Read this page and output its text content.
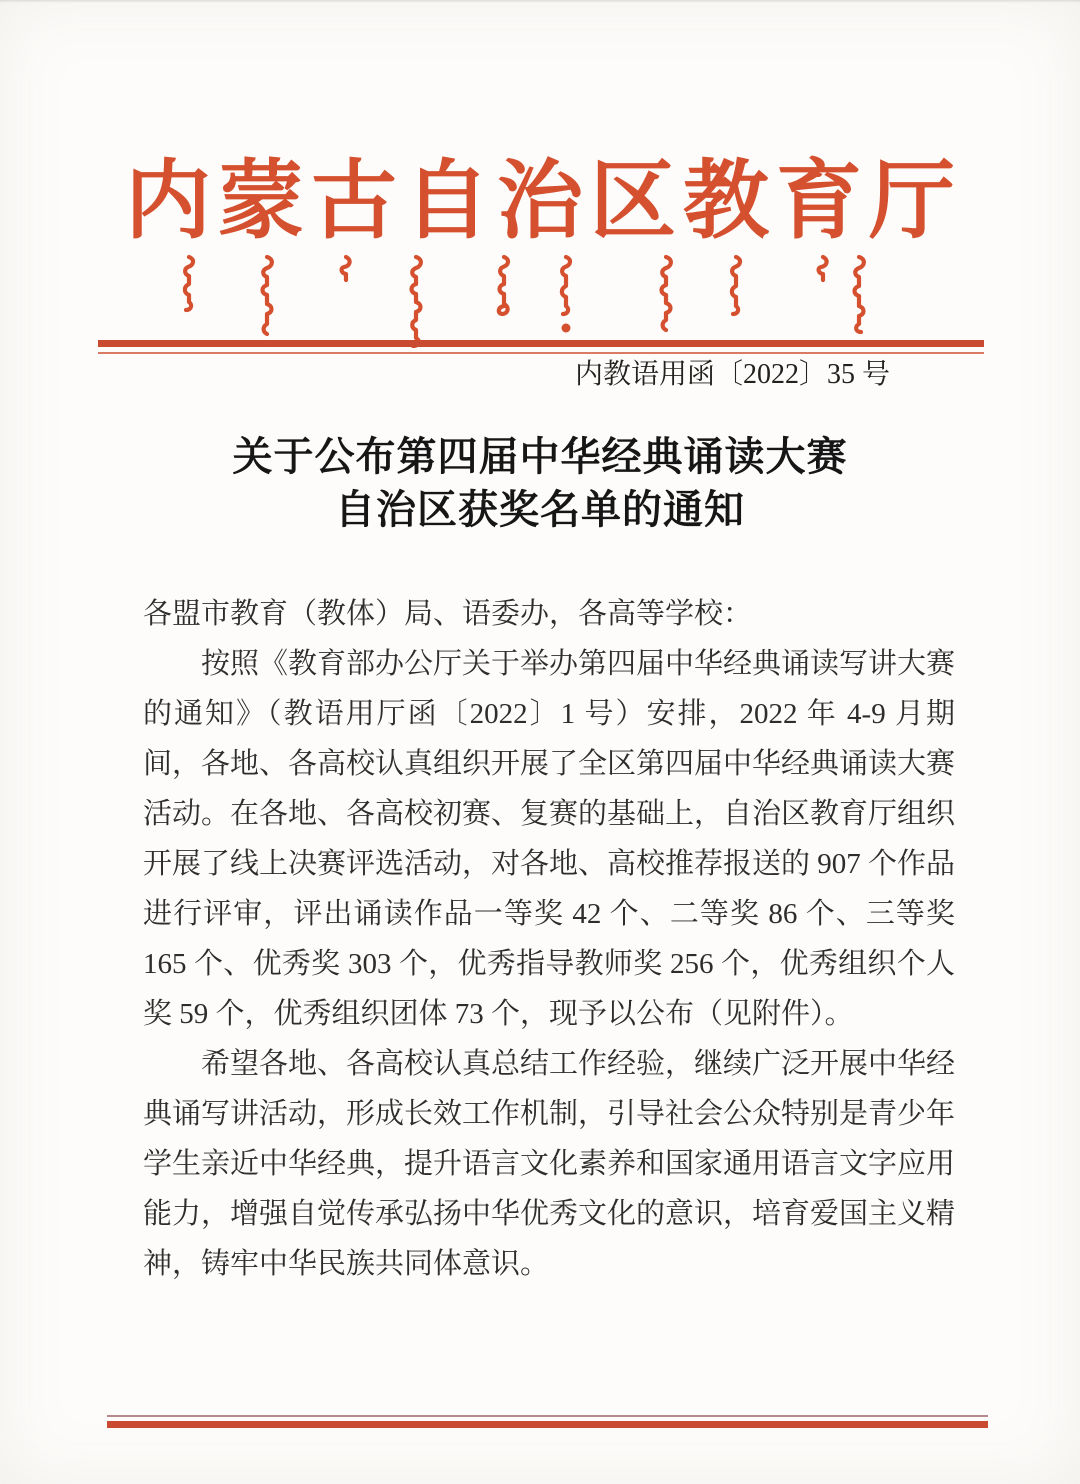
内蒙古自治区教育厅
内教语用函〔2022〕35 号
关于公布第四届中华经典诵读大赛
自治区获奖名单的通知

各盟市教育（教体）局、语委办，各高等学校：

按照《教育部办公厅关于举办第四届中华经典诵读写讲大赛的通知》（教语用厅函〔2022〕1 号）安排，2022 年 4-9 月期间，各地、各高校认真组织开展了全区第四届中华经典诵读大赛活动。在各地、各高校初赛、复赛的基础上，自治区教育厅组织开展了线上决赛评选活动，对各地、高校推荐报送的 907 个作品进行评审，评出诵读作品一等奖 42 个、二等奖 86 个、三等奖 165 个、优秀奖 303 个，优秀指导教师奖 256 个，优秀组织个人奖 59 个，优秀组织团体 73 个，现予以公布（见附件）。

希望各地、各高校认真总结工作经验，继续广泛开展中华经典诵写讲活动，形成长效工作机制，引导社会公众特别是青少年学生亲近中华经典，提升语言文化素养和国家通用语言文字应用能力，增强自觉传承弘扬中华优秀文化的意识，培育爱国主义精神，铸牢中华民族共同体意识。
